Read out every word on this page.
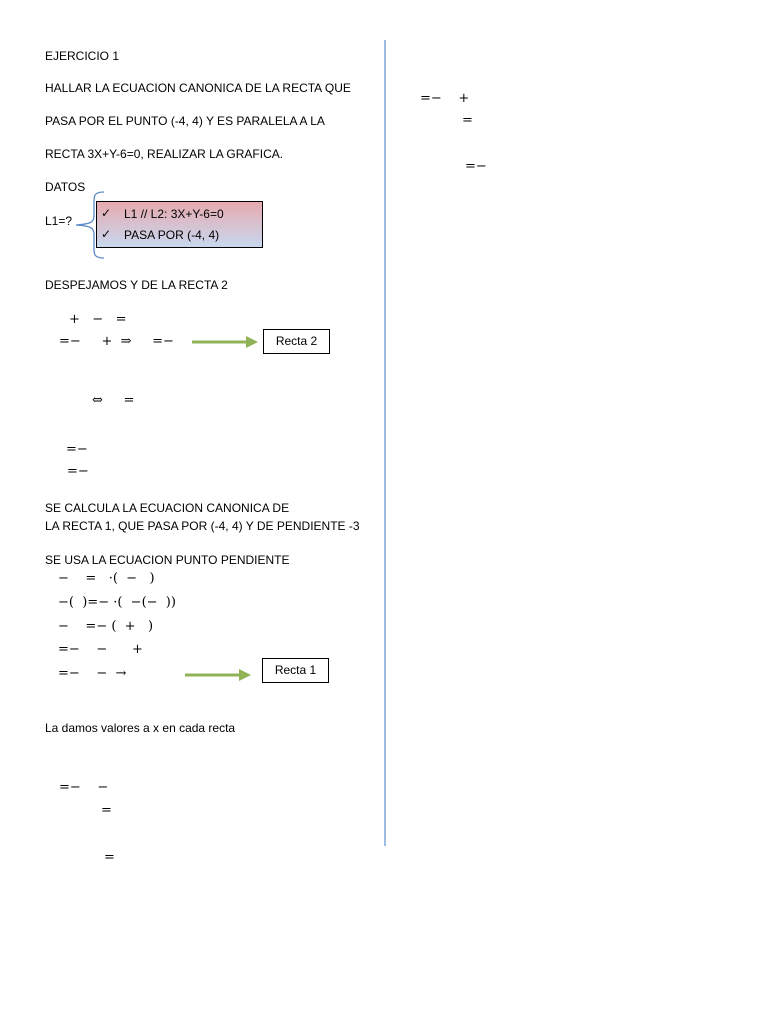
EJERCICIO 1
HALLAR LA ECUACION CANONICA DE LA RECTA QUE
PASA POR EL PUNTO (-4, 4) Y ES PARALELA A LA
RECTA 3X+Y-6=0, REALIZAR LA GRAFICA.
DATOS
L1=?
✓ L1 // L2: 3X+Y-6=0
✓ PASA POR (-4, 4)
DESPEJAMOS Y DE LA RECTA 2
+   −   =
=−     +  ⇒     =−	Recta 2
⇔     =
=−
=−
SE CALCULA LA ECUACION CANONICA DE
LA RECTA 1, QUE PASA POR (-4, 4) Y DE PENDIENTE -3
SE USA LA ECUACION PUNTO PENDIENTE
−    =   ·(  −   )
−(  )=− ·(  −(−  ))
−    =− (  +   )
=−    −      +
=−    −  →	Recta 1
La damos valores a x en cada recta
=−    −
=
=
=−    +
=
=−
